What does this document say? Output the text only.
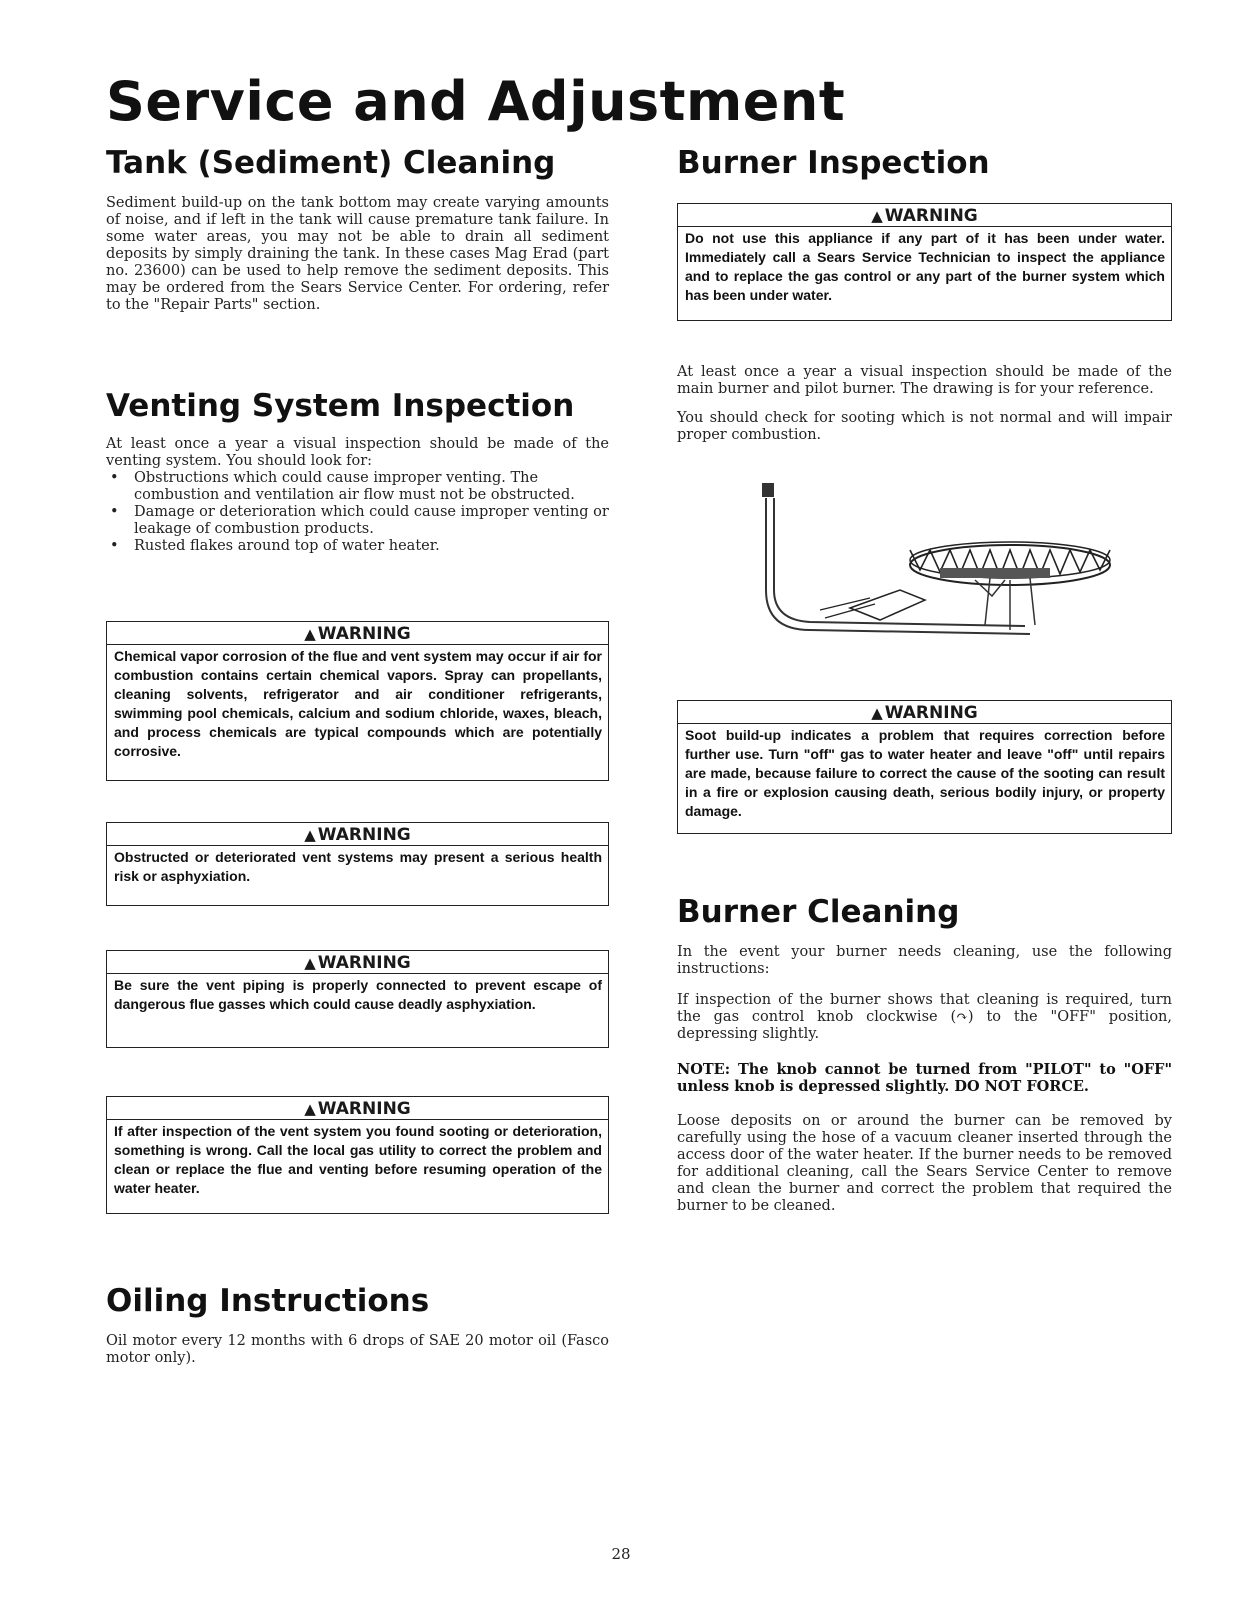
Service and Adjustment
Tank (Sediment) Cleaning

Sediment build-up on the tank bottom may create varying amounts of noise, and if left in the tank will cause premature tank failure. In some water areas, you may not be able to drain all sediment deposits by simply draining the tank. In these cases Mag Erad (part no. 23600) can be used to help remove the sediment deposits. This may be ordered from the Sears Service Center. For ordering, refer to the "Repair Parts" section.

Venting System Inspection

At least once a year a visual inspection should be made of the venting system. You should look for:

• Obstructions which could cause improper venting. The combustion and ventilation air flow must not be obstructed.
• Damage or deterioration which could cause improper venting or leakage of combustion products.
• Rusted flakes around top of water heater.
▲ WARNING
Chemical vapor corrosion of the flue and vent system may occur if air for combustion contains certain chemical vapors. Spray can propellants, cleaning solvents, refrigerator and air conditioner refrigerants, swimming pool chemicals, calcium and sodium chloride, waxes, bleach, and process chemicals are typical compounds which are potentially corrosive.
▲ WARNING
Obstructed or deteriorated vent systems may present a serious health risk or asphyxiation.
▲ WARNING
Be sure the vent piping is properly connected to prevent escape of dangerous flue gasses which could cause deadly asphyxiation.
▲ WARNING
If after inspection of the vent system you found sooting or deterioration, something is wrong. Call the local gas utility to correct the problem and clean or replace the flue and venting before resuming operation of the water heater.
Oiling Instructions

Oil motor every 12 months with 6 drops of SAE 20 motor oil (Fasco motor only).

Burner Inspection
▲ WARNING
Do not use this appliance if any part of it has been under water. Immediately call a Sears Service Technician to inspect the appliance and to replace the gas control or any part of the burner system which has been under water.

At least once a year a visual inspection should be made of the main burner and pilot burner. The drawing is for your reference.

You should check for sooting which is not normal and will impair proper combustion.

▲ WARNING
Soot build-up indicates a problem that requires correction before further use. Turn "off" gas to water heater and leave "off" until repairs are made, because failure to correct the cause of the sooting can result in a fire or explosion causing death, serious bodily injury, or property damage.
Burner Cleaning

In the event your burner needs cleaning, use the following instructions:

If inspection of the burner shows that cleaning is required, turn the gas control knob clockwise (↷) to the "OFF" position, depressing slightly.

NOTE: The knob cannot be turned from "PILOT" to "OFF" unless knob is depressed slightly. DO NOT FORCE.

Loose deposits on or around the burner can be removed by carefully using the hose of a vacuum cleaner inserted through the access door of the water heater. If the burner needs to be removed for additional cleaning, call the Sears Service Center to remove and clean the burner and correct the problem that required the burner to be cleaned.

28
